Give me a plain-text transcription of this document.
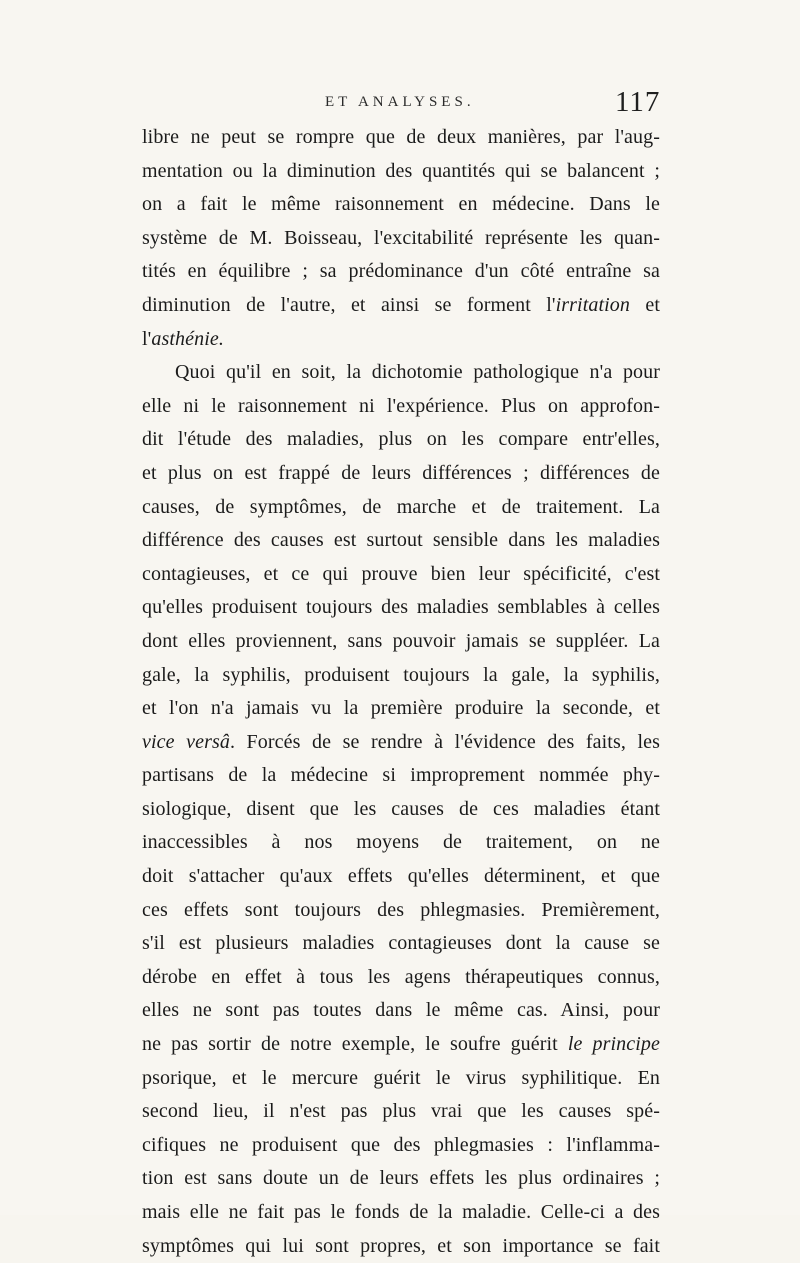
ET ANALYSES.	117
libre ne peut se rompre que de deux manières, par l'aug-
mentation ou la diminution des quantités qui se balancent ;
on a fait le même raisonnement en médecine. Dans le
système de M. Boisseau, l'excitabilité représente les quan-
tités en équilibre ; sa prédominance d'un côté entraîne sa
diminution de l'autre, et ainsi se forment l'irritation et
l'asthénie.
Quoi qu'il en soit, la dichotomie pathologique n'a pour
elle ni le raisonnement ni l'expérience. Plus on approfon-
dit l'étude des maladies, plus on les compare entr'elles,
et plus on est frappé de leurs différences ; différences de
causes, de symptômes, de marche et de traitement. La
différence des causes est surtout sensible dans les maladies
contagieuses, et ce qui prouve bien leur spécificité, c'est
qu'elles produisent toujours des maladies semblables à celles
dont elles proviennent, sans pouvoir jamais se suppléer. La
gale, la syphilis, produisent toujours la gale, la syphilis,
et l'on n'a jamais vu la première produire la seconde, et
vice versâ. Forcés de se rendre à l'évidence des faits, les
partisans de la médecine si improprement nommée phy-
siologique, disent que les causes de ces maladies étant
inaccessibles à nos moyens de traitement, on ne
doit s'attacher qu'aux effets qu'elles déterminent, et que
ces effets sont toujours des phlegmasies. Premièrement,
s'il est plusieurs maladies contagieuses dont la cause se
dérobe en effet à tous les agens thérapeutiques connus,
elles ne sont pas toutes dans le même cas. Ainsi, pour
ne pas sortir de notre exemple, le soufre guérit le principe
psorique, et le mercure guérit le virus syphilitique. En
second lieu, il n'est pas plus vrai que les causes spé-
cifiques ne produisent que des phlegmasies : l'inflamma-
tion est sans doute un de leurs effets les plus ordinaires ;
mais elle ne fait pas le fonds de la maladie. Celle-ci a des
symptômes qui lui sont propres, et son importance se fait
